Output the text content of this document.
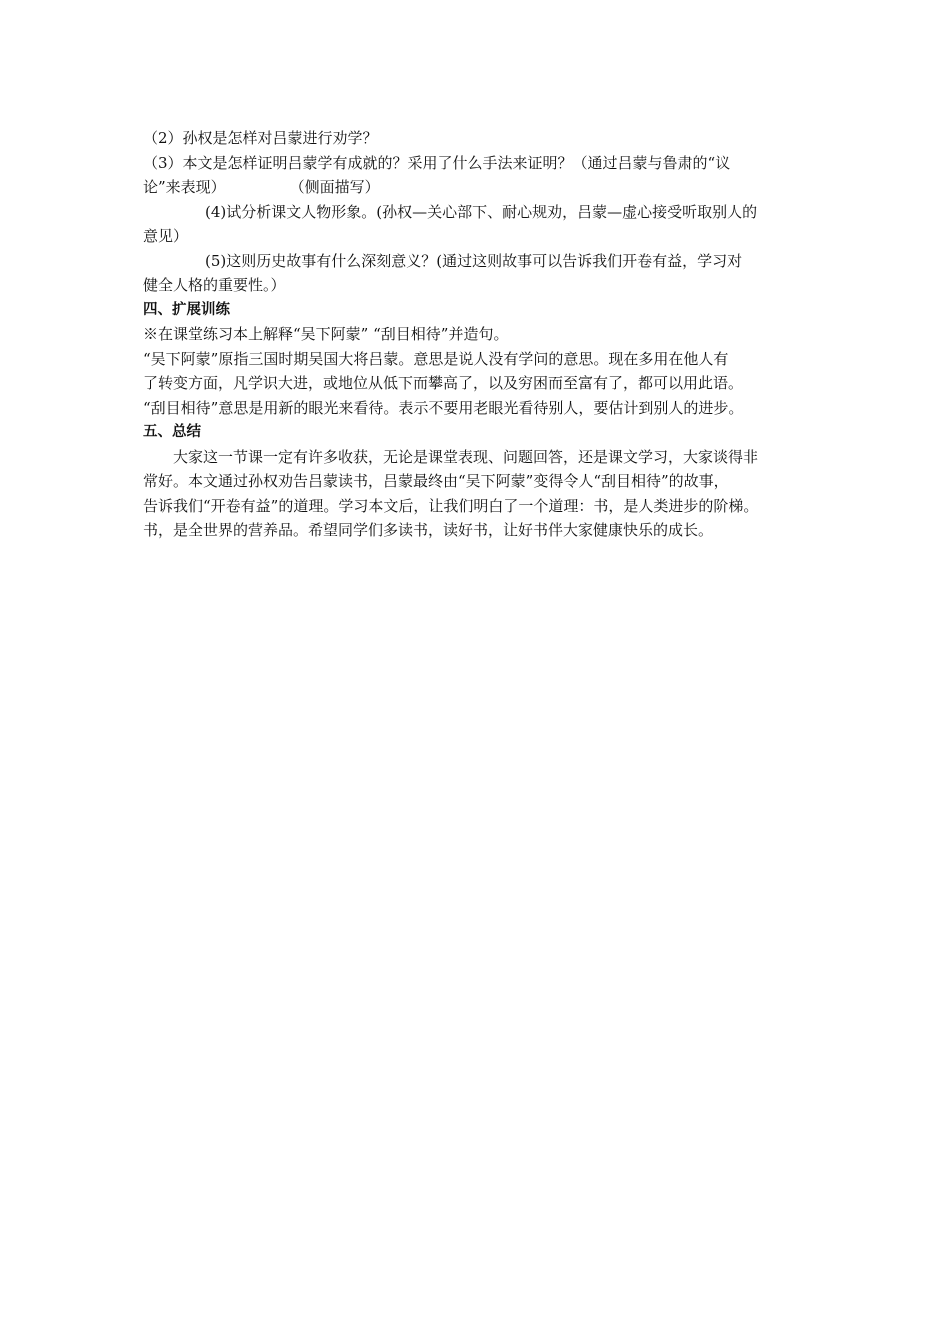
（2）孙权是怎样对吕蒙进行劝学？
（3）本文是怎样证明吕蒙学有成就的？采用了什么手法来证明？（通过吕蒙与鲁肃的“议
论”来表现）	（侧面描写）
(4)试分析课文人物形象。(孙权—关心部下、耐心规劝，吕蒙—虚心接受听取别人的
意见）
(5)这则历史故事有什么深刻意义？(通过这则故事可以告诉我们开卷有益，学习对
健全人格的重要性。）
四、扩展训练
※在课堂练习本上解释“吴下阿蒙” “刮目相待”并造句。
“吴下阿蒙”原指三国时期吴国大将吕蒙。意思是说人没有学问的意思。现在多用在他人有
了转变方面，凡学识大进，或地位从低下而攀高了，以及穷困而至富有了，都可以用此语。
“刮目相待”意思是用新的眼光来看待。表示不要用老眼光看待别人，要估计到别人的进步。
五、总结
大家这一节课一定有许多收获，无论是课堂表现、问题回答，还是课文学习，大家谈得非
常好。本文通过孙权劝告吕蒙读书，吕蒙最终由“吴下阿蒙”变得令人“刮目相待”的故事，
告诉我们“开卷有益”的道理。学习本文后，让我们明白了一个道理：书，是人类进步的阶梯。
书，是全世界的营养品。希望同学们多读书，读好书，让好书伴大家健康快乐的成长。
